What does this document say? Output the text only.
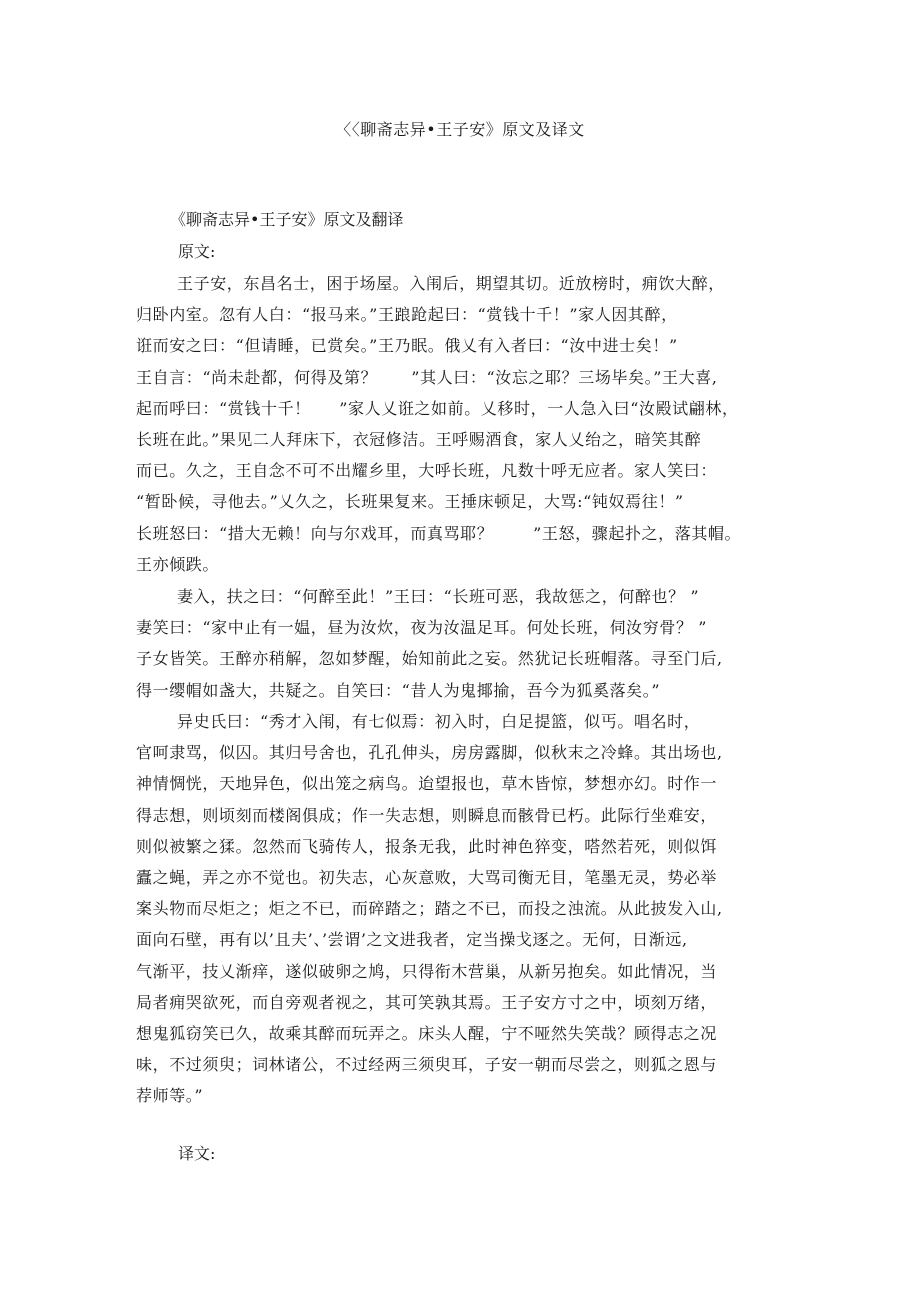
〈〈聊斋志异•王子安》原文及译文
《聊斋志异•王子安》原文及翻译
原文:
王子安，东昌名士，困于场屋。入闱后，期望其切。近放榜时，痈饮大醉，
归卧内室。忽有人白：“报马来。”王踉跄起曰：“赏钱十千！”家人因其醉，
诳而安之曰：“但请睡，已赏矣。”王乃眠。俄乂有入者曰：“汝中进士矣！”
王自言：“尚未赴都，何得及第？      ”其人曰：“汝忘之耶？三场毕矣。”王大喜,
起而呼曰：“赏钱十千！     ”家人乂诳之如前。乂移时，一人急入曰“汝殿试翩林，
长班在此。”果见二人拜床下，衣冠修洁。王呼赐酒食，家人乂绐之，暗笑其醉
而已。久之，王自念不可不出耀乡里，大呼长班，凡数十呼无应者。家人笑曰：
“暂卧候，寻他去。”乂久之，长班果复来。王捶床顿足，大骂:“钝奴焉往！”
长班怒曰：“措大无赖！向与尔戏耳，而真骂耶？       ”王怒，骤起扑之，落其帽。
王亦倾跌。
妻入，扶之曰：“何醉至此！”王曰：“长班可恶，我故惩之，何醉也？ ”
妻笑曰：“家中止有一媪，昼为汝炊，夜为汝温足耳。何处长班，伺汝穷骨？ ”
子女皆笑。王醉亦稍解，忽如梦醒，始知前此之妄。然犹记长班帽落。寻至门后,
得一缨帽如盏大，共疑之。自笑曰：“昔人为鬼揶揄，吾今为狐奚落矣。”
异史氏曰：“秀才入闱，有七似焉：初入时，白足提篮，似丐。唱名时，
官呵隶骂，似囚。其归号舍也，孔孔伸头，房房露脚，似秋末之冷蜂。其出场也,
神情惆恍，天地异色，似出笼之病鸟。迨望报也，草木皆惊，梦想亦幻。时作一
得志想，则顷刻而楼阁俱成；作一失志想，则瞬息而骸骨已朽。此际行坐难安，
则似被繁之猱。忽然而飞骑传人，报条无我，此时神色猝变，嗒然若死，则似饵
蠹之蝇，弄之亦不觉也。初失志，心灰意败，大骂司衡无目，笔墨无灵，势必举
案头物而尽炬之；炬之不已，而碎踏之；踏之不已，而投之浊流。从此披发入山,
面向石壁，再有以’且夫’、’尝谓’之文进我者，定当操戈逐之。无何，日渐远,
气渐平，技乂渐痒，遂似破卵之鸠，只得衔木营巢，从新另抱矣。如此情况，当
局者痈哭欲死，而自旁观者视之，其可笑孰其焉。王子安方寸之中，顷刻万绪，
想鬼狐窃笑已久，故乘其醉而玩弄之。床头人醒，宁不哑然失笑哉？顾得志之况
味，不过须臾；词林诸公，不过经两三须臾耳，子安一朝而尽尝之，则狐之恩与
荐师等。”
译文:
